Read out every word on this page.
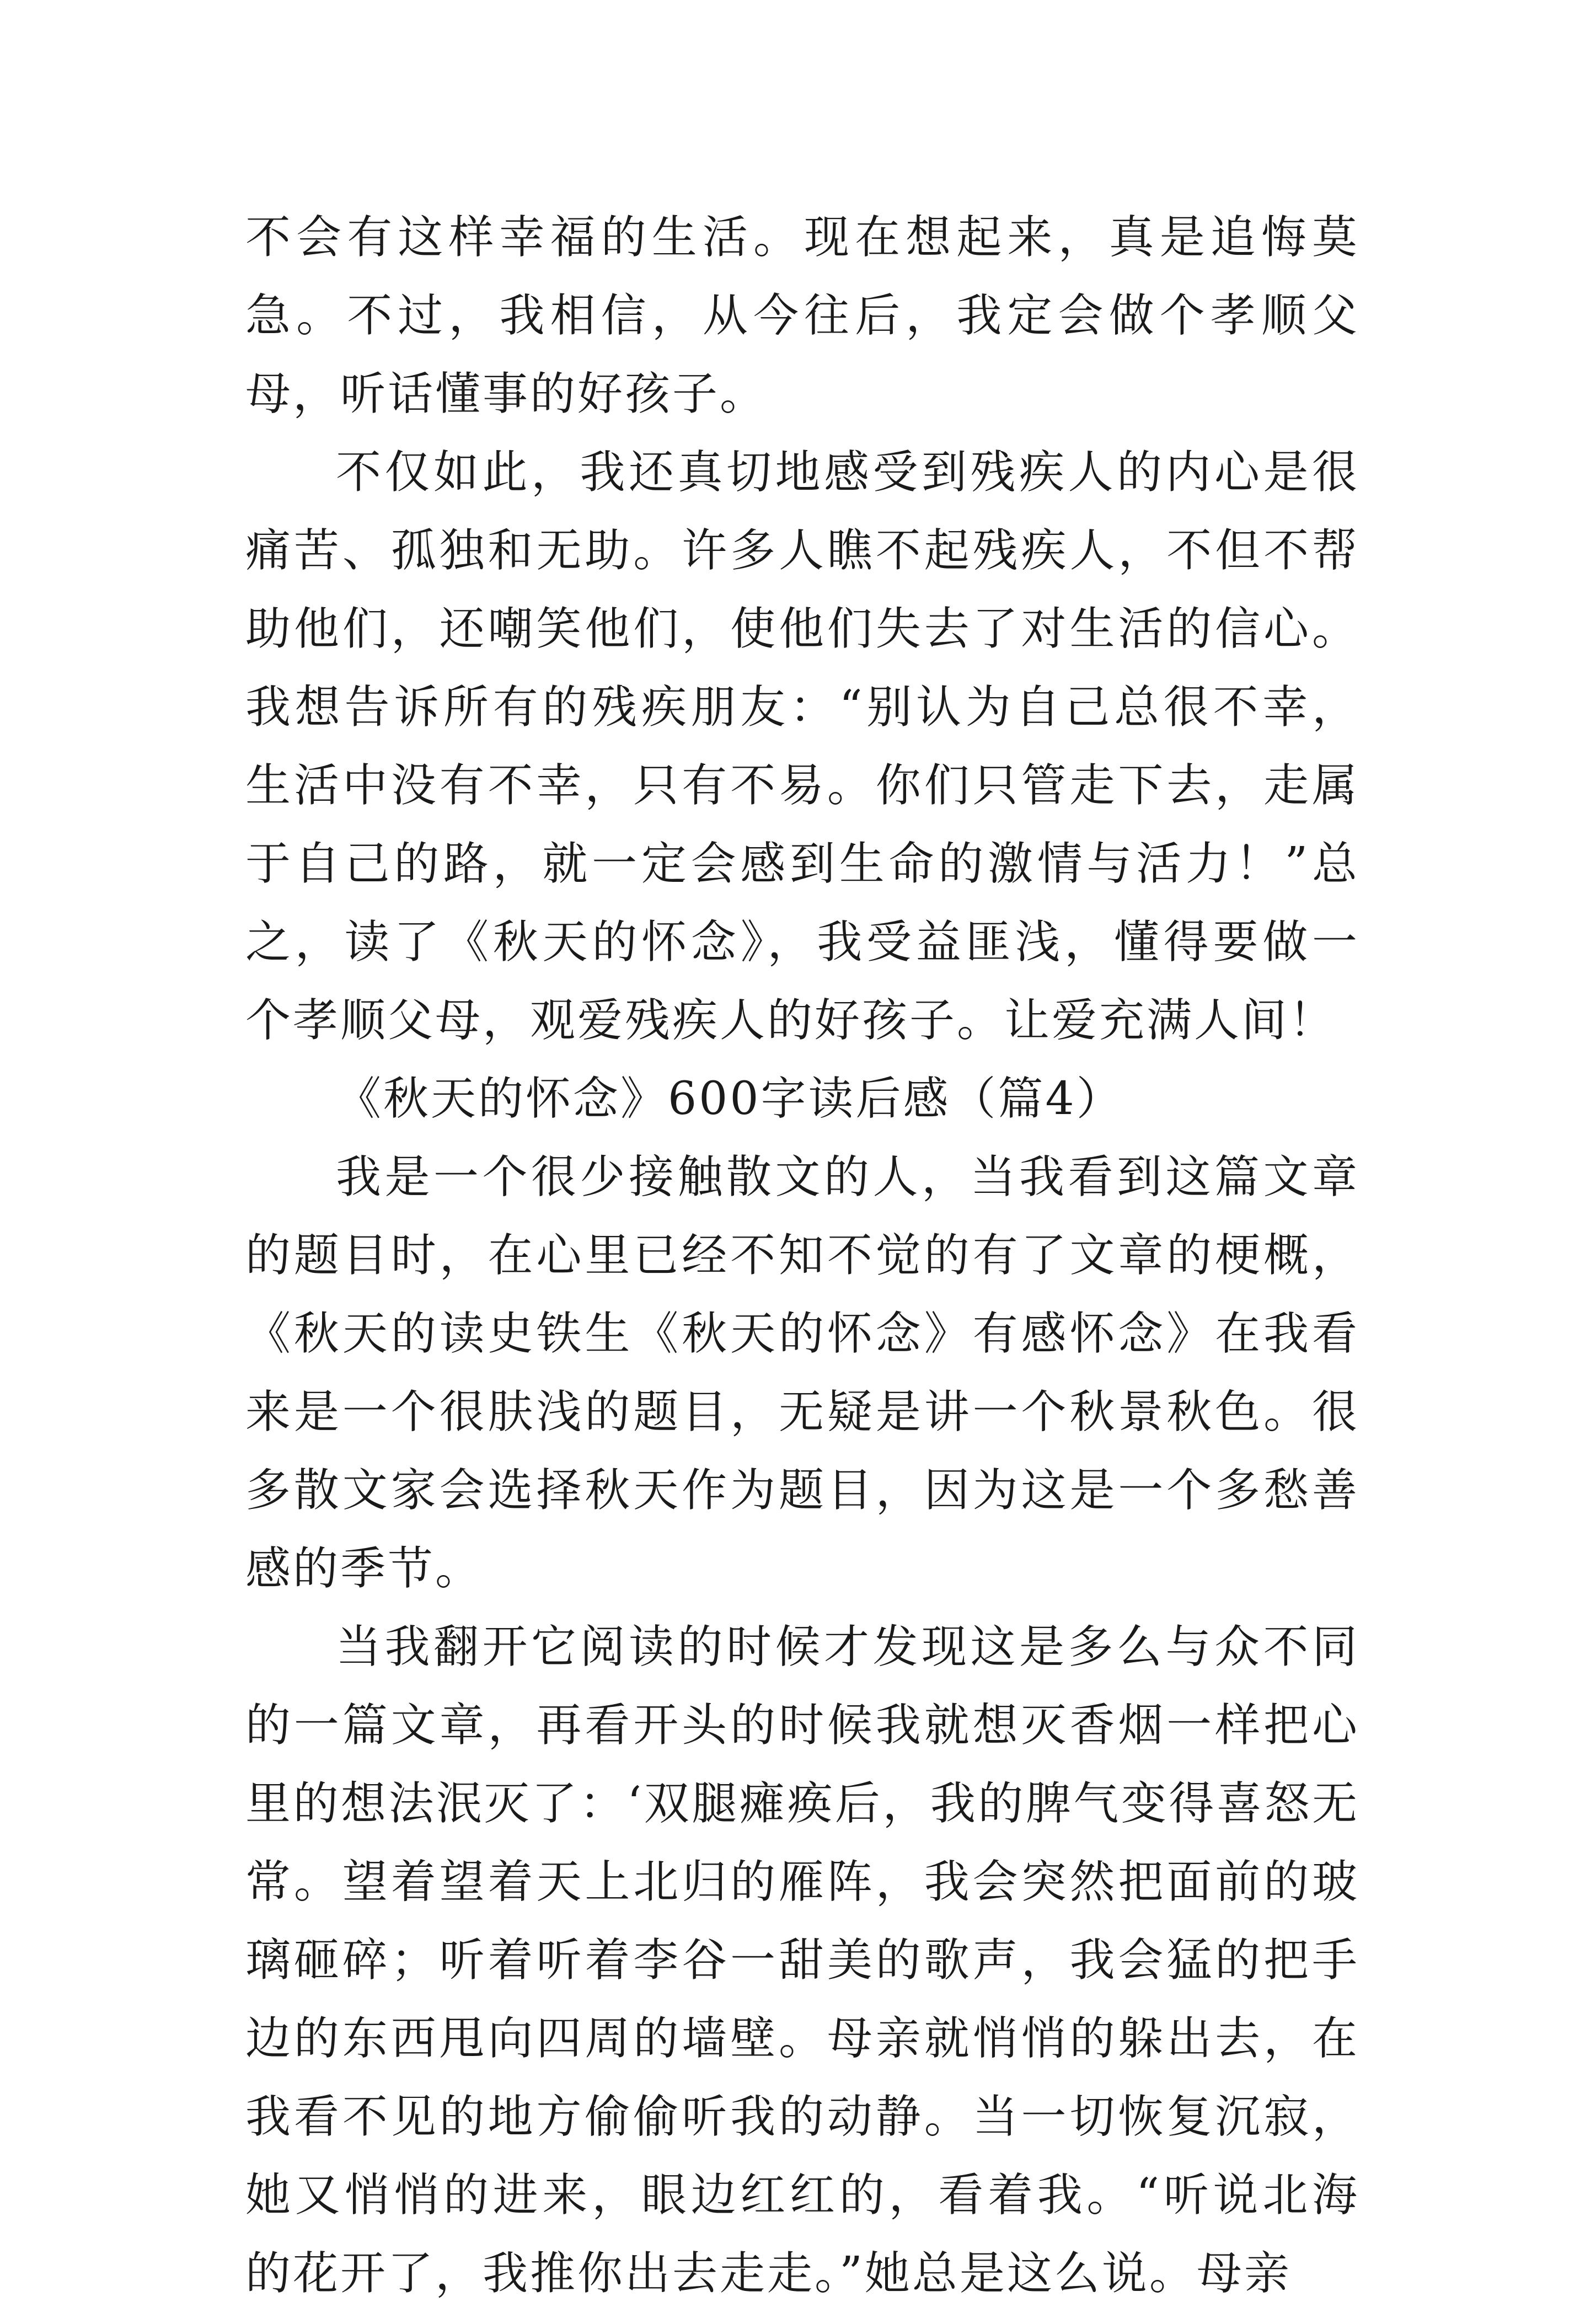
不会有这样幸福的生活。现在想起来，真是追悔莫急。不过，我相信，从今往后，我定会做个孝顺父母，听话懂事的好孩子。

不仅如此，我还真切地感受到残疾人的内心是很痛苦、孤独和无助。许多人瞧不起残疾人，不但不帮助他们，还嘲笑他们，使他们失去了对生活的信心。我想告诉所有的残疾朋友：“别认为自己总很不幸，生活中没有不幸，只有不易。你们只管走下去，走属于自己的路，就一定会感到生命的激情与活力！”总之，读了《秋天的怀念》，我受益匪浅，懂得要做一个孝顺父母，观爱残疾人的好孩子。让爱充满人间！

《秋天的怀念》600字读后感（篇4）

我是一个很少接触散文的人，当我看到这篇文章的题目时，在心里已经不知不觉的有了文章的梗概，《秋天的读史铁生《秋天的怀念》有感怀念》在我看来是一个很肤浅的题目，无疑是讲一个秋景秋色。很多散文家会选择秋天作为题目，因为这是一个多愁善感的季节。

当我翻开它阅读的时候才发现这是多么与众不同的一篇文章，再看开头的时候我就想灭香烟一样把心里的想法泯灭了：‘双腿瘫痪后，我的脾气变得喜怒无常。望着望着天上北归的雁阵，我会突然把面前的玻璃砸碎；听着听着李谷一甜美的歌声，我会猛的把手边的东西甩向四周的墙壁。母亲就悄悄的躲出去，在我看不见的地方偷偷听我的动静。当一切恢复沉寂，她又悄悄的进来，眼边红红的，看着我。“听说北海的花开了，我推你出去走走。”她总是这么说。母亲
